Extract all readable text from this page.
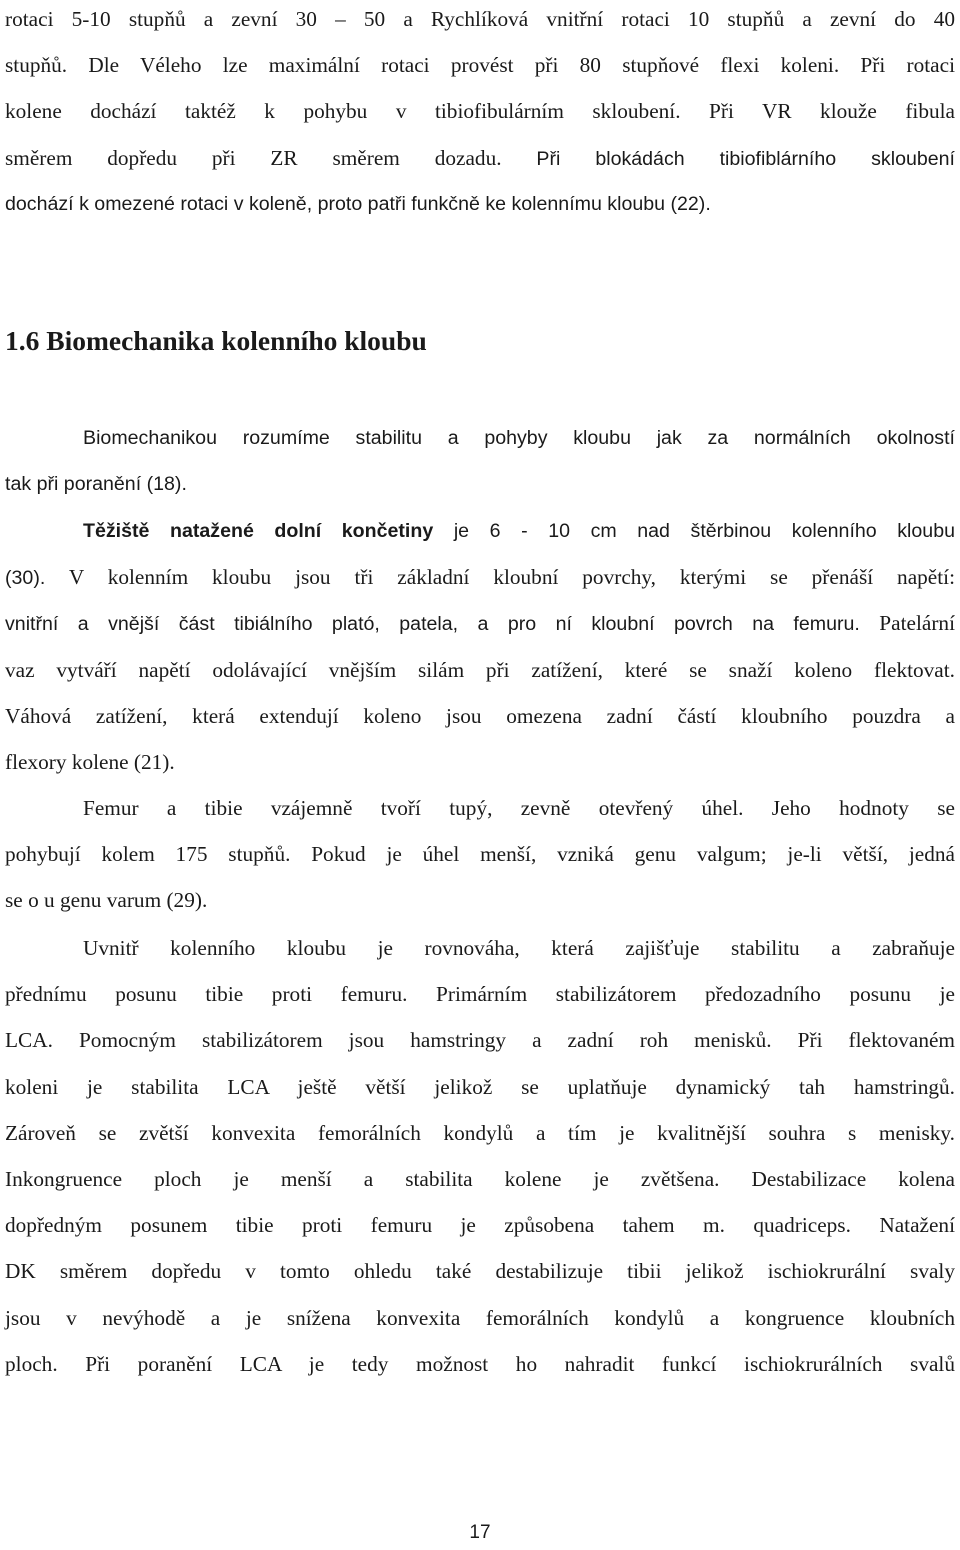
rotaci 5-10 stupňů a zevní 30 – 50 a Rychlíková vnitřní rotaci 10 stupňů a zevní do 40
stupňů. Dle Véleho lze maximální rotaci provést při 80 stupňové flexi koleni. Při rotaci
kolene dochází taktéž k pohybu v tibiofibulárním skloubení. Při VR klouže fibula
směrem dopředu při ZR směrem dozadu. Při blokádách tibiofiblárního skloubení
dochází k omezené rotaci v koleně, proto patři funkčně ke kolennímu kloubu (22).
1.6 Biomechanika kolenního kloubu
Biomechanikou rozumíme stabilitu a pohyby kloubu jak za normálních okolností
tak při poranění (18).
Těžiště natažené dolní končetiny je 6 - 10 cm nad štěrbinou kolenního kloubu
(30). V kolenním kloubu jsou tři základní kloubní povrchy, kterými se přenáší napětí:
vnitřní a vnější část tibiálního plató, patela, a pro ní kloubní povrch na femuru. Patelární
vaz vytváří napětí odolávající vnějším silám při zatížení, které se snaží koleno flektovat.
Váhová zatížení, která extendují koleno jsou omezena zadní částí kloubního pouzdra a
flexory kolene (21).
Femur a tibie vzájemně tvoří tupý, zevně otevřený úhel. Jeho hodnoty se
pohybují kolem 175 stupňů. Pokud je úhel menší, vzniká genu valgum; je-li větší, jedná
se o u genu varum (29).
Uvnitř kolenního kloubu je rovnováha, která zajišťuje stabilitu a zabraňuje
přednímu posunu tibie proti femuru. Primárním stabilizátorem předozadního posunu je
LCA. Pomocným stabilizátorem jsou hamstringy a zadní roh menisků. Při flektovaném
koleni je stabilita LCA ještě větší jelikož se uplatňuje dynamický tah hamstringů.
Zároveň se zvětší konvexita femorálních kondylů a tím je kvalitnější souhra s menisky.
Inkongruence ploch je menší a stabilita kolene je zvětšena. Destabilizace kolena
dopředným posunem tibie proti femuru je způsobena tahem m. quadriceps. Natažení
DK směrem dopředu v tomto ohledu také destabilizuje tibii jelikož ischiokrurální svaly
jsou v nevýhodě a je snížena konvexita femorálních kondylů a kongruence kloubních
ploch. Při poranění LCA je tedy možnost ho nahradit funkcí ischiokrurálních svalů
17
